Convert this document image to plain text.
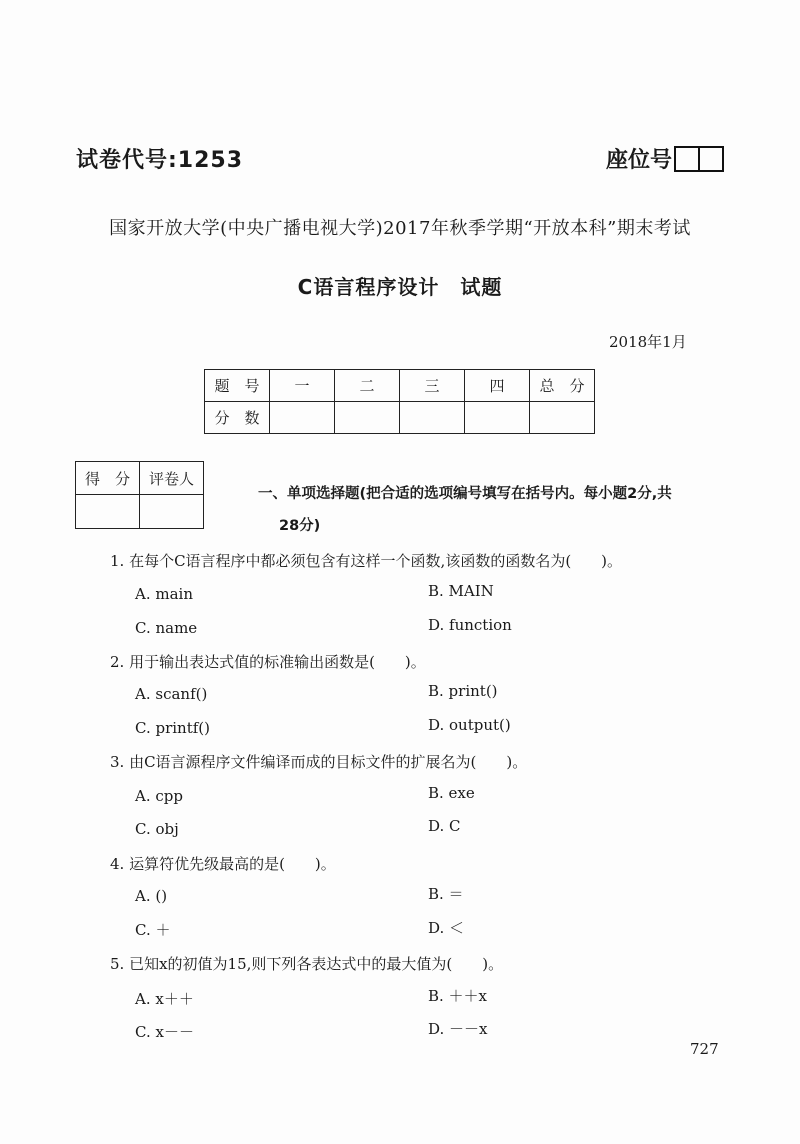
试卷代号:1253	座位号
国家开放大学(中央广播电视大学)2017年秋季学期“开放本科”期末考试
C语言程序设计　试题
2018年1月
题　号	一	二	三	四	总　分
分　数					
得　分	评卷人

一、单项选择题(把合适的选项编号填写在括号内。每小题2分,共
28分)
1. 在每个C语言程序中都必须包含有这样一个函数,该函数的函数名为(　　)。
A. main	B. MAIN
C. name	D. function
2. 用于输出表达式值的标准输出函数是(　　)。
A. scanf()	B. print()
C. printf()	D. output()
3. 由C语言源程序文件编译而成的目标文件的扩展名为(　　)。
A. cpp	B. exe
C. obj	D. C
4. 运算符优先级最高的是(　　)。
A. ()	B. ＝
C. ＋	D. ＜
5. 已知x的初值为15,则下列各表达式中的最大值为(　　)。
A. x＋＋	B. ＋＋x
C. x－－	D. －－x
727
